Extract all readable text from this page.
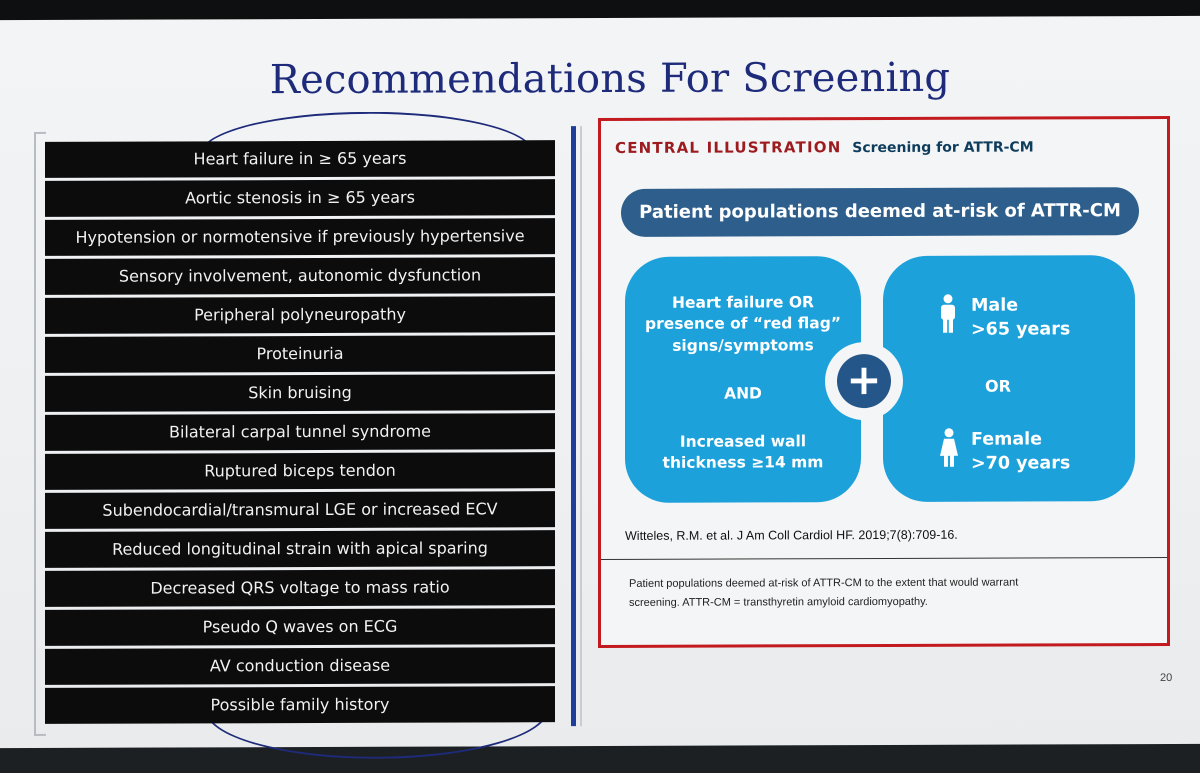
Recommendations For Screening
Heart failure in ≥ 65 years
Aortic stenosis in ≥ 65 years
Hypotension or normotensive if previously hypertensive
Sensory involvement, autonomic dysfunction
Peripheral polyneuropathy
Proteinuria
Skin bruising
Bilateral carpal tunnel syndrome
Ruptured biceps tendon
Subendocardial/transmural LGE or increased ECV
Reduced longitudinal strain with apical sparing
Decreased QRS voltage to mass ratio
Pseudo Q waves on ECG
AV conduction disease
Possible family history
CENTRAL ILLUSTRATION Screening for ATTR-CM
Patient populations deemed at-risk of ATTR-CM
Heart failure OR
presence of “red flag”
signs/symptoms
AND
Increased wall
thickness ≥14 mm
Male
>65 years
OR
Female
>70 years
+
Witteles, R.M. et al. J Am Coll Cardiol HF. 2019;7(8):709-16.
Patient populations deemed at-risk of ATTR-CM to the extent that would warrant
screening. ATTR-CM = transthyretin amyloid cardiomyopathy.
20
